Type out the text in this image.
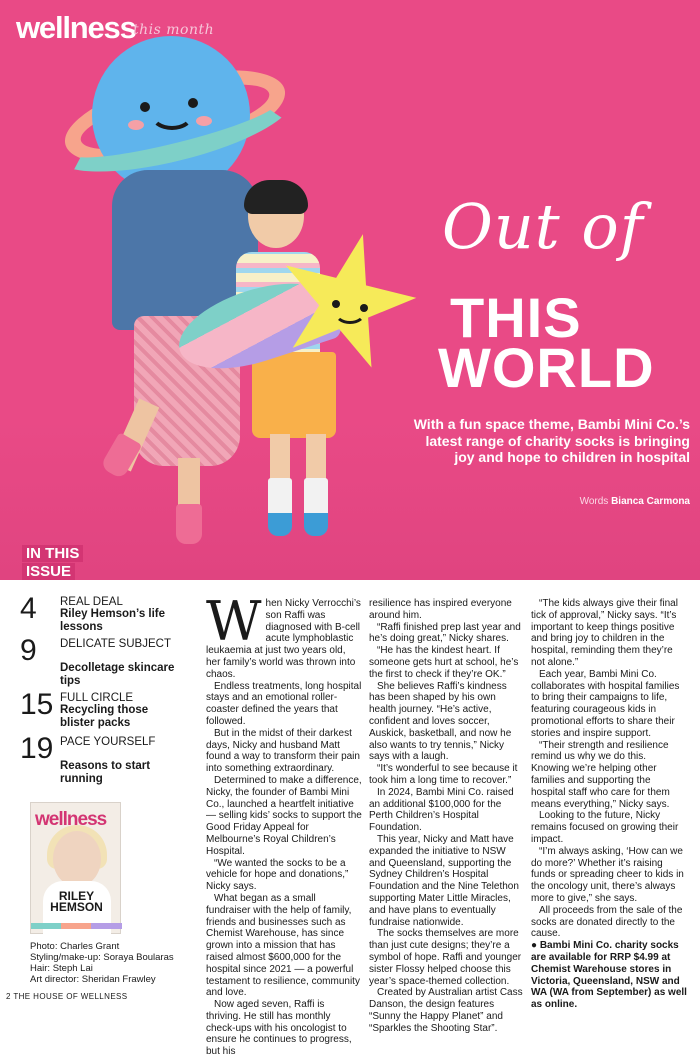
wellness
this month
Out of
THIS
WORLD
With a fun space theme, Bambi Mini Co.’s latest range of charity socks is bringing joy and hope to children in hospital
Words Bianca Carmona
IN THIS
ISSUE
4 REAL DEAL
Riley Hemson’s life lessons
9 DELICATE SUBJECT
Decolletage skincare tips
15 FULL CIRCLE
Recycling those blister packs
19 PACE YOURSELF
Reasons to start running
wellness
RILEY
HEMSON
Photo: Charles Grant
Styling/make-up: Soraya Boularas
Hair: Steph Lai
Art director: Sheridan Frawley
W hen Nicky Verrocchi’s son Raffi was diagnosed with B-cell acute lymphoblastic leukaemia at just two years old, her family’s world was thrown into chaos.

Endless treatments, long hospital stays and an emotional roller-coaster defined the years that followed.

But in the midst of their darkest days, Nicky and husband Matt found a way to transform their pain into something extraordinary.

Determined to make a difference, Nicky, the founder of Bambi Mini Co., launched a heartfelt initiative — selling kids’ socks to support the Good Friday Appeal for Melbourne’s Royal Children’s Hospital.

“We wanted the socks to be a vehicle for hope and donations,” Nicky says.

What began as a small fundraiser with the help of family, friends and businesses such as Chemist Warehouse, has since grown into a mission that has raised almost $600,000 for the hospital since 2021 — a powerful testament to resilience, community and love.

Now aged seven, Raffi is thriving. He still has monthly check-ups with his oncologist to ensure he continues to progress, but his

resilience has inspired everyone around him.

“Raffi finished prep last year and he’s doing great,” Nicky shares.

“He has the kindest heart. If someone gets hurt at school, he’s the first to check if they’re OK.”

She believes Raffi’s kindness has been shaped by his own health journey. “He’s active, confident and loves soccer, Auskick, basketball, and now he also wants to try tennis,” Nicky says with a laugh.

“It’s wonderful to see because it took him a long time to recover.”

In 2024, Bambi Mini Co. raised an additional $100,000 for the Perth Children’s Hospital Foundation.

This year, Nicky and Matt have expanded the initiative to NSW and Queensland, supporting the Sydney Children’s Hospital Foundation and the Nine Telethon supporting Mater Little Miracles, and have plans to eventually fundraise nationwide.

The socks themselves are more than just cute designs; they’re a symbol of hope. Raffi and younger sister Flossy helped choose this year’s space-themed collection.

Created by Australian artist Cass Danson, the design features “Sunny the Happy Planet” and “Sparkles the Shooting Star”.

“The kids always give their final tick of approval,” Nicky says. “It’s important to keep things positive and bring joy to children in the hospital, reminding them they’re not alone.”

Each year, Bambi Mini Co. collaborates with hospital families to bring their campaigns to life, featuring courageous kids in promotional efforts to share their stories and inspire support.

“Their strength and resilience remind us why we do this. Knowing we’re helping other families and supporting the hospital staff who care for them means everything,” Nicky says.

Looking to the future, Nicky remains focused on growing their impact.

“I’m always asking, ‘How can we do more?’ Whether it’s raising funds or spreading cheer to kids in the oncology unit, there’s always more to give,” she says.

All proceeds from the sale of the socks are donated directly to the cause.

● Bambi Mini Co. charity socks are available for RRP $4.99 at Chemist Warehouse stores in Victoria, Queensland, NSW and WA (WA from September) as well as online.

2 THE HOUSE OF WELLNESS
